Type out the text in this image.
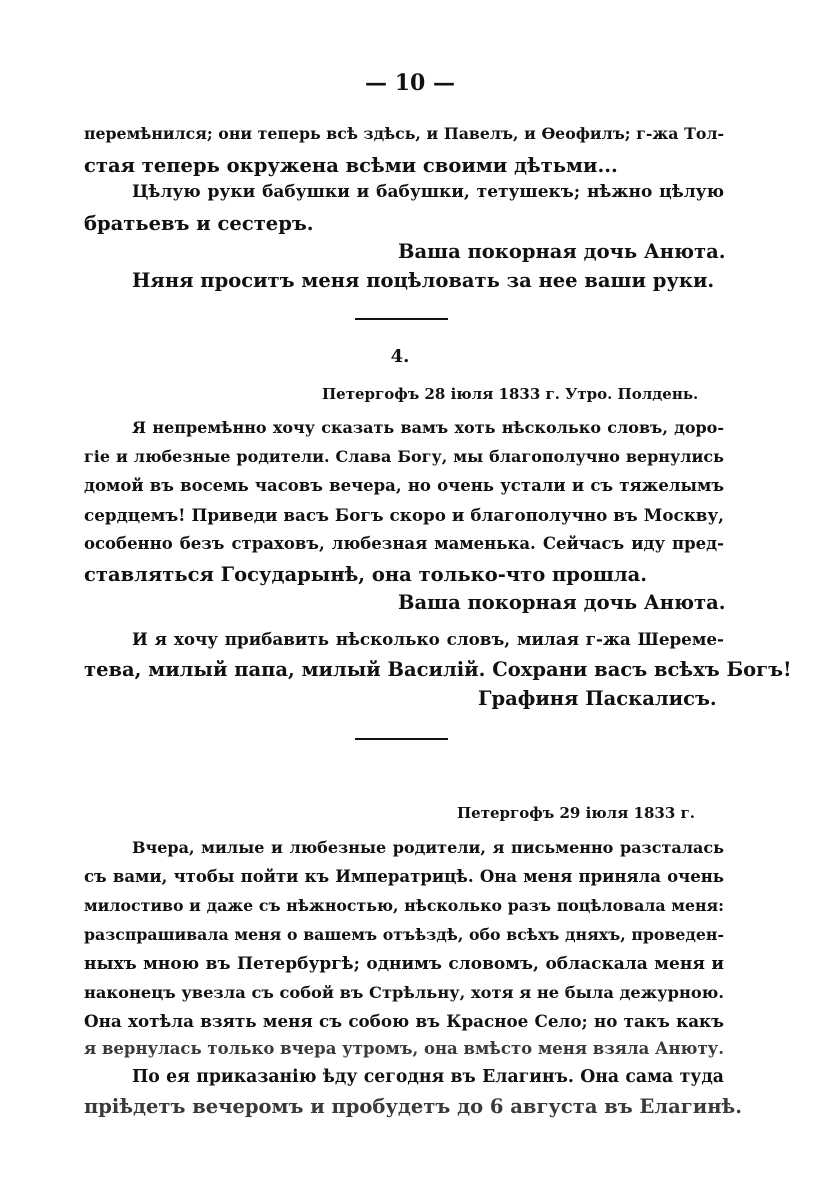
— 10 —
перемѣнился; они теперь всѣ здѣсь, и Павелъ, и Ѳеофилъ; г-жа Тол-
стая теперь окружена всѣми своими дѣтьми...
Цѣлую руки бабушки и бабушки, тетушекъ; нѣжно цѣлую
братьевъ и сестеръ.
Ваша покорная дочь Анюта.
Няня проситъ меня поцѣловать за нее ваши руки.
4.
Петергофъ 28 іюля 1833 г. Утро. Полдень.
Я непремѣнно хочу сказать вамъ хоть нѣсколько словъ, доро-
гіе и любезные родители. Слава Богу, мы благополучно вернулись
домой въ восемь часовъ вечера, но очень устали и съ тяжелымъ
сердцемъ! Приведи васъ Богъ скоро и благополучно въ Москву,
особенно безъ страховъ, любезная маменька. Сейчасъ иду пред-
ставляться Государынѣ, она только-что прошла.
Ваша покорная дочь Анюта.
И я хочу прибавить нѣсколько словъ, милая г-жа Шереме-
тева, милый папа, милый Василій. Сохрани васъ всѣхъ Богъ!
Графиня Паскалисъ.
Петергофъ 29 іюля 1833 г.
Вчера, милые и любезные родители, я письменно разсталась
съ вами, чтобы пойти къ Императрицѣ. Она меня приняла очень
милостиво и даже съ нѣжностью, нѣсколько разъ поцѣловала меня:
разспрашивала меня о вашемъ отъѣздѣ, обо всѣхъ дняхъ, проведен-
ныхъ мною въ Петербургѣ; однимъ словомъ, обласкала меня и
наконецъ увезла съ собой въ Стрѣльну, хотя я не была дежурною.
Она хотѣла взять меня съ собою въ Красное Село; но такъ какъ
я вернулась только вчера утромъ, она вмѣсто меня взяла Анюту.
По ея приказанію ѣду сегодня въ Елагинъ. Она сама туда
пріѣдетъ вечеромъ и пробудетъ до 6 августа въ Елагинѣ.
